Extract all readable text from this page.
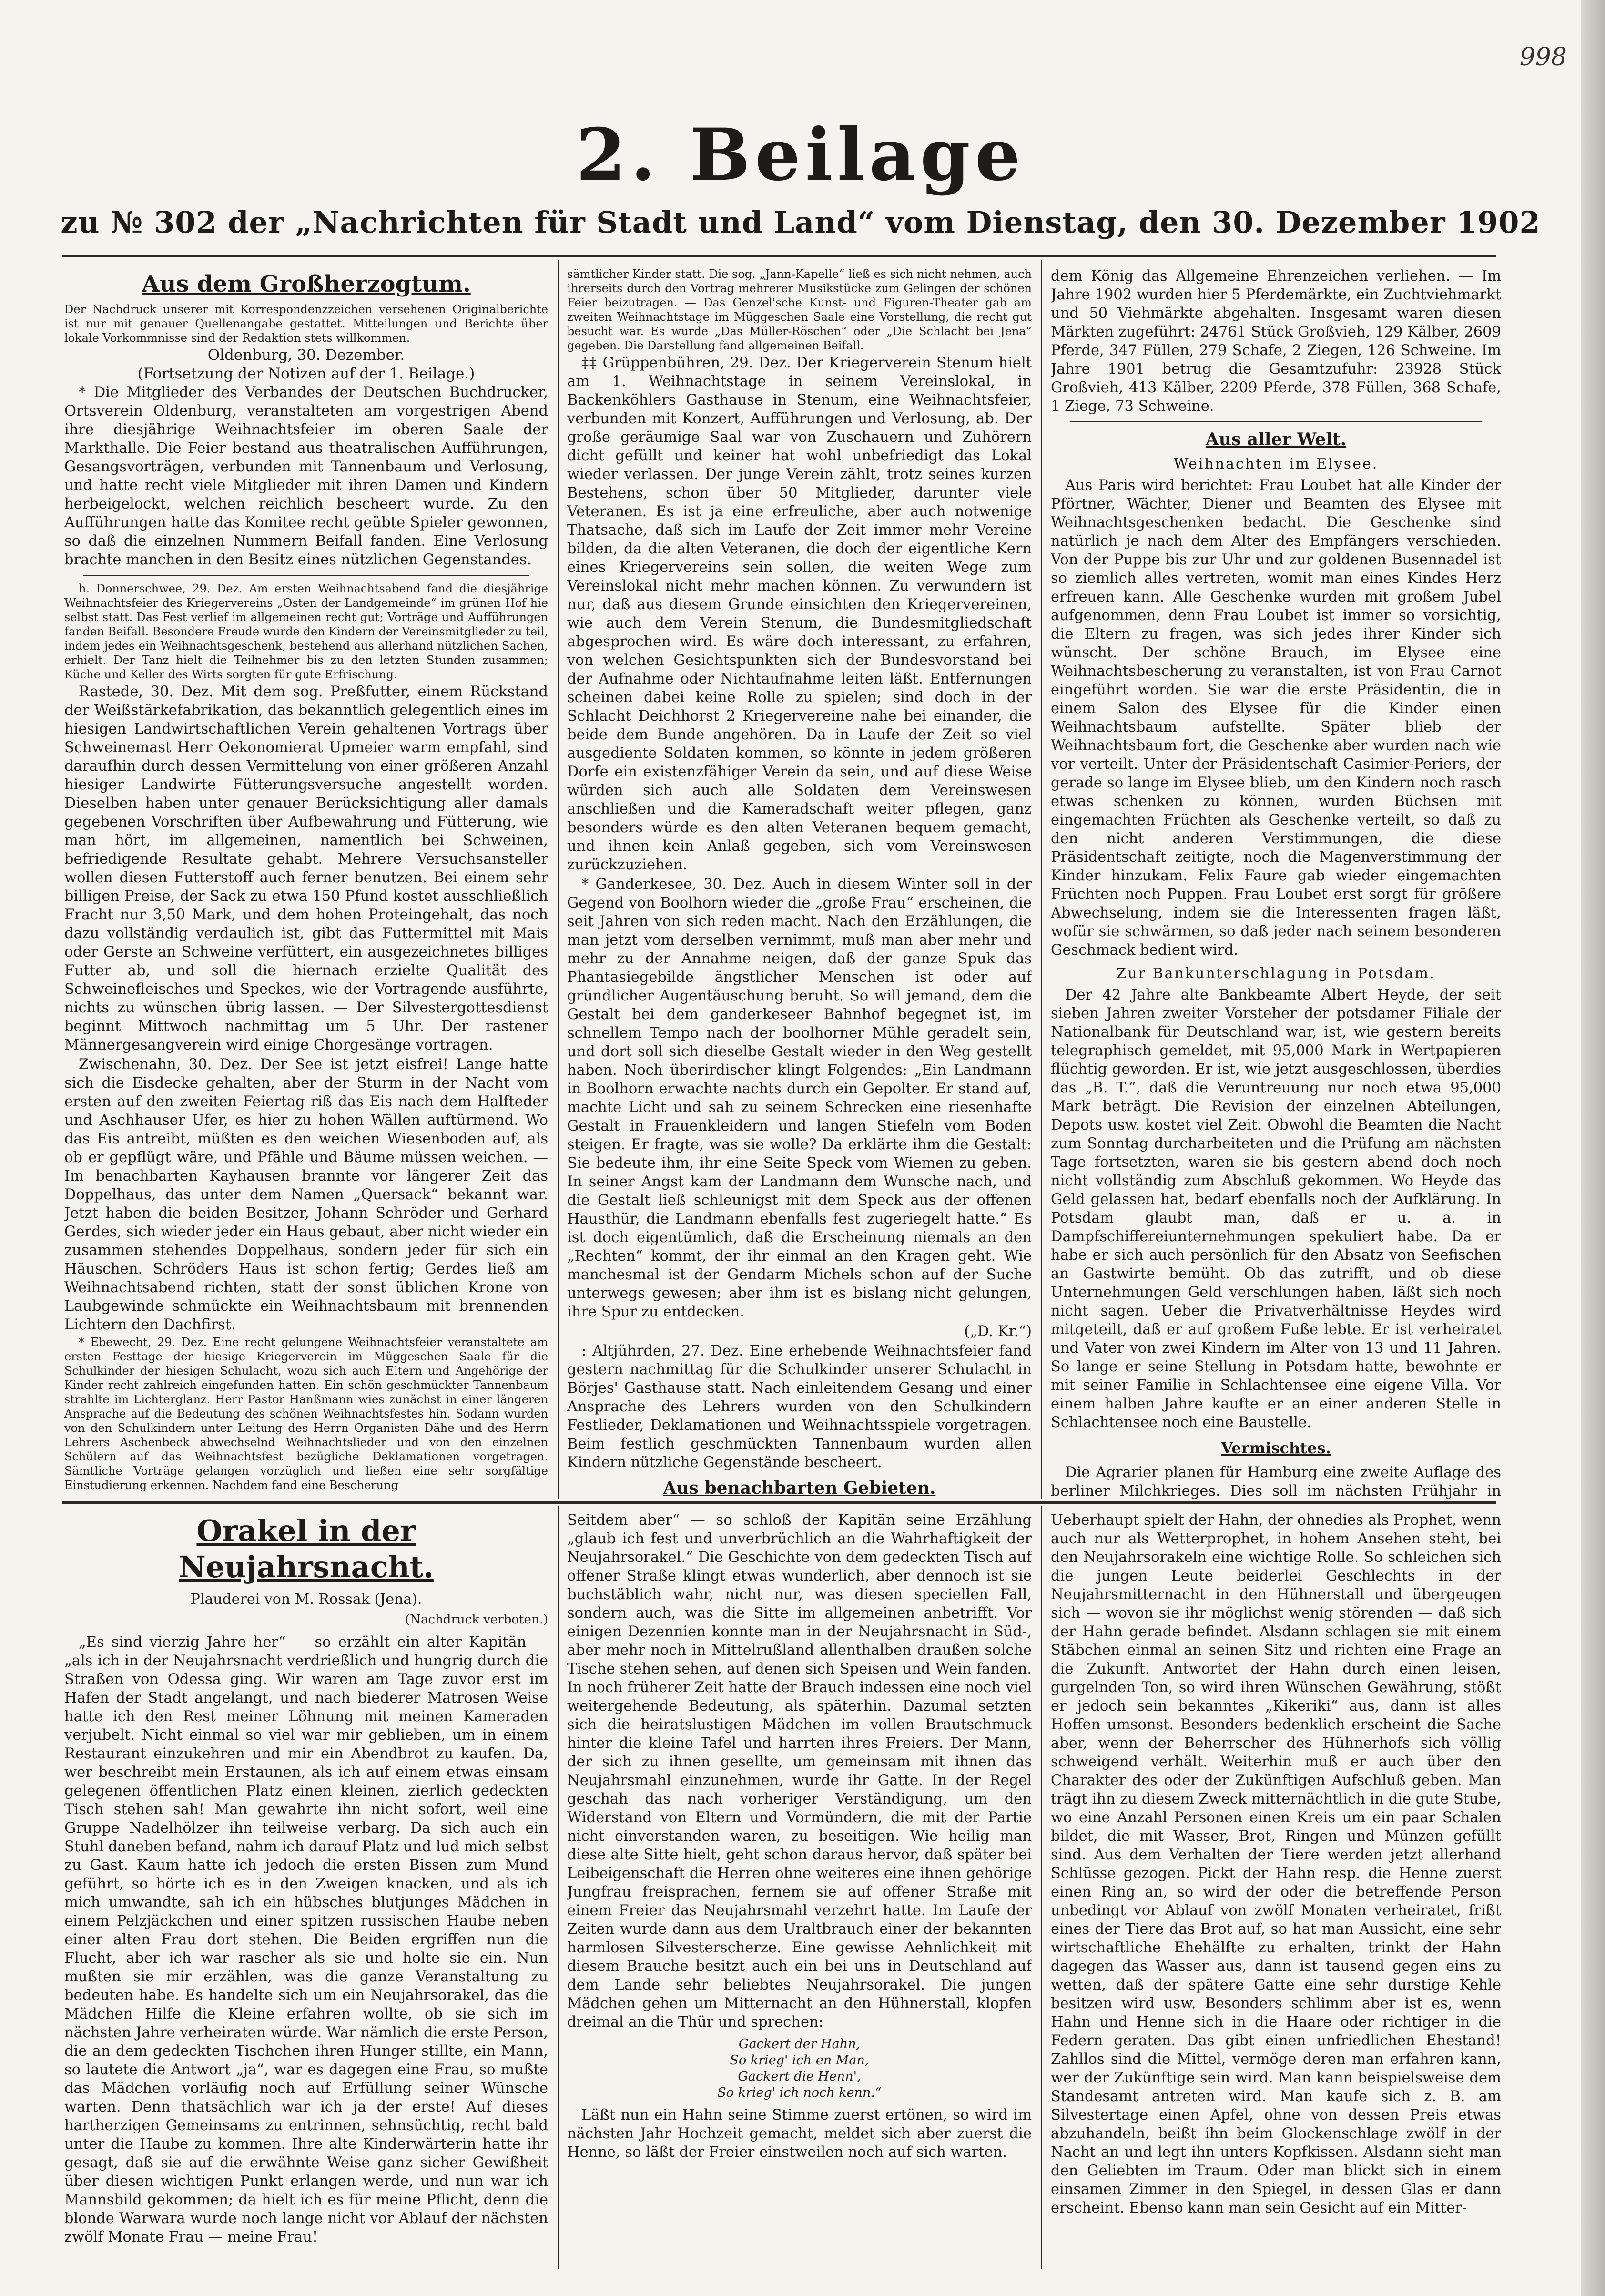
998
2. Beilage
zu № 302 der „Nachrichten für Stadt und Land“ vom Dienstag, den 30. Dezember 1902
Aus dem Großherzogtum.

Der Nachdruck unserer mit Korrespondenzzeichen versehenen Originalberichte ist nur mit genauer Quellenangabe gestattet. Mitteilungen und Berichte über lokale Vorkommnisse sind der Redaktion stets willkommen.

Oldenburg, 30. Dezember.
(Fortsetzung der Notizen auf der 1. Beilage.)

* Die Mitglieder des Verbandes der Deutschen Buchdrucker, Ortsverein Oldenburg, veranstalteten am vorgestrigen Abend ihre diesjährige Weihnachtsfeier im oberen Saale der Markthalle. Die Feier bestand aus theatralischen Aufführungen, Gesangsvorträgen, verbunden mit Tannenbaum und Verlosung, und hatte recht viele Mitglieder mit ihren Damen und Kindern herbeigelockt, welchen reichlich bescheert wurde. Zu den Aufführungen hatte das Komitee recht geübte Spieler gewonnen, so daß die einzelnen Nummern Beifall fanden. Eine Verlosung brachte manchen in den Besitz eines nützlichen Gegenstandes.

h. Donnerschwee, 29. Dez. Am ersten Weihnachtsabend fand die diesjährige Weihnachtsfeier des Kriegervereins „Osten der Landgemeinde“ im grünen Hof hie selbst statt. Das Fest verlief im allgemeinen recht gut; Vorträge und Aufführungen fanden Beifall. Besondere Freude wurde den Kindern der Vereinsmitglieder zu teil, indem jedes ein Weihnachtsgeschenk, bestehend aus allerhand nützlichen Sachen, erhielt. Der Tanz hielt die Teilnehmer bis zu den letzten Stunden zusammen; Küche und Keller des Wirts sorgten für gute Erfrischung.

Rastede, 30. Dez. Mit dem sog. Preßfutter, einem Rückstand der Weißstärkefabrikation, das bekanntlich gelegentlich eines im hiesigen Landwirtschaftlichen Verein gehaltenen Vortrags über Schweinemast Herr Oekonomierat Upmeier warm empfahl, sind daraufhin durch dessen Vermittelung von einer größeren Anzahl hiesiger Landwirte Fütterungsversuche angestellt worden. Dieselben haben unter genauer Berücksichtigung aller damals gegebenen Vorschriften über Aufbewahrung und Fütterung, wie man hört, im allgemeinen, namentlich bei Schweinen, befriedigende Resultate gehabt. Mehrere Versuchsansteller wollen diesen Futterstoff auch ferner benutzen. Bei einem sehr billigen Preise, der Sack zu etwa 150 Pfund kostet ausschließlich Fracht nur 3,50 Mark, und dem hohen Proteingehalt, das noch dazu vollständig verdaulich ist, gibt das Futtermittel mit Mais oder Gerste an Schweine verfüttert, ein ausgezeichnetes billiges Futter ab, und soll die hiernach erzielte Qualität des Schweinefleisches und Speckes, wie der Vortragende ausführte, nichts zu wünschen übrig lassen. — Der Silvestergottesdienst beginnt Mittwoch nachmittag um 5 Uhr. Der rastener Männergesangverein wird einige Chorgesänge vortragen.

Zwischenahn, 30. Dez. Der See ist jetzt eisfrei! Lange hatte sich die Eisdecke gehalten, aber der Sturm in der Nacht vom ersten auf den zweiten Feiertag riß das Eis nach dem Halfteder und Aschhauser Ufer, es hier zu hohen Wällen auftürmend. Wo das Eis antreibt, müßten es den weichen Wiesenboden auf, als ob er gepflügt wäre, und Pfähle und Bäume müssen weichen. — Im benachbarten Kayhausen brannte vor längerer Zeit das Doppelhaus, das unter dem Namen „Quersack“ bekannt war. Jetzt haben die beiden Besitzer, Johann Schröder und Gerhard Gerdes, sich wieder jeder ein Haus gebaut, aber nicht wieder ein zusammen stehendes Doppelhaus, sondern jeder für sich ein Häuschen. Schröders Haus ist schon fertig; Gerdes ließ am Weihnachtsabend richten, statt der sonst üblichen Krone von Laubgewinde schmückte ein Weihnachtsbaum mit brennenden Lichtern den Dachfirst.

* Ebewecht, 29. Dez. Eine recht gelungene Weihnachtsfeier veranstaltete am ersten Festtage der hiesige Kriegerverein im Müggeschen Saale für die Schulkinder der hiesigen Schulacht, wozu sich auch Eltern und Angehörige der Kinder recht zahlreich eingefunden hatten. Ein schön geschmückter Tannenbaum strahlte im Lichterglanz. Herr Pastor Hanßmann wies zunächst in einer längeren Ansprache auf die Bedeutung des schönen Weihnachtsfestes hin. Sodann wurden von den Schulkindern unter Leitung des Herrn Organisten Dähe und des Herrn Lehrers Aschenbeck abwechselnd Weihnachtslieder und von den einzelnen Schülern auf das Weihnachtsfest bezügliche Deklamationen vorgetragen. Sämtliche Vorträge gelangen vorzüglich und ließen eine sehr sorgfältige Einstudierung erkennen. Nachdem fand eine Bescherung

sämtlicher Kinder statt. Die sog. „Jann-Kapelle“ ließ es sich nicht nehmen, auch ihrerseits durch den Vortrag mehrerer Musikstücke zum Gelingen der schönen Feier beizutragen. — Das Genzel'sche Kunst- und Figuren-Theater gab am zweiten Weihnachtstage im Müggeschen Saale eine Vorstellung, die recht gut besucht war. Es wurde „Das Müller-Röschen“ oder „Die Schlacht bei Jena“ gegeben. Die Darstellung fand allgemeinen Beifall.

‡‡ Grüppenbühren, 29. Dez. Der Kriegerverein Stenum hielt am 1. Weihnachtstage in seinem Vereinslokal, in Backenköhlers Gasthause in Stenum, eine Weihnachtsfeier, verbunden mit Konzert, Aufführungen und Verlosung, ab. Der große geräumige Saal war von Zuschauern und Zuhörern dicht gefüllt und keiner hat wohl unbefriedigt das Lokal wieder verlassen. Der junge Verein zählt, trotz seines kurzen Bestehens, schon über 50 Mitglieder, darunter viele Veteranen. Es ist ja eine erfreuliche, aber auch notwenige Thatsache, daß sich im Laufe der Zeit immer mehr Vereine bilden, da die alten Veteranen, die doch der eigentliche Kern eines Kriegervereins sein sollen, die weiten Wege zum Vereinslokal nicht mehr machen können. Zu verwundern ist nur, daß aus diesem Grunde einsichten den Kriegervereinen, wie auch dem Verein Stenum, die Bundesmitgliedschaft abgesprochen wird. Es wäre doch interessant, zu erfahren, von welchen Gesichtspunkten sich der Bundesvorstand bei der Aufnahme oder Nichtaufnahme leiten läßt. Entfernungen scheinen dabei keine Rolle zu spielen; sind doch in der Schlacht Deichhorst 2 Kriegervereine nahe bei einander, die beide dem Bunde angehören. Da in Laufe der Zeit so viel ausgediente Soldaten kommen, so könnte in jedem größeren Dorfe ein existenzfähiger Verein da sein, und auf diese Weise würden sich auch alle Soldaten dem Vereinswesen anschließen und die Kameradschaft weiter pflegen, ganz besonders würde es den alten Veteranen bequem gemacht, und ihnen kein Anlaß gegeben, sich vom Vereinswesen zurückzuziehen.

* Ganderkesee, 30. Dez. Auch in diesem Winter soll in der Gegend von Boolhorn wieder die „große Frau“ erscheinen, die seit Jahren von sich reden macht. Nach den Erzählungen, die man jetzt vom derselben vernimmt, muß man aber mehr und mehr zu der Annahme neigen, daß der ganze Spuk das Phantasiegebilde ängstlicher Menschen ist oder auf gründlicher Augentäuschung beruht. So will jemand, dem die Gestalt bei dem ganderkeseer Bahnhof begegnet ist, im schnellem Tempo nach der boolhorner Mühle geradelt sein, und dort soll sich dieselbe Gestalt wieder in den Weg gestellt haben. Noch überirdischer klingt Folgendes: „Ein Landmann in Boolhorn erwachte nachts durch ein Gepolter. Er stand auf, machte Licht und sah zu seinem Schrecken eine riesenhafte Gestalt in Frauenkleidern und langen Stiefeln vom Boden steigen. Er fragte, was sie wolle? Da erklärte ihm die Gestalt: Sie bedeute ihm, ihr eine Seite Speck vom Wiemen zu geben. In seiner Angst kam der Landmann dem Wunsche nach, und die Gestalt ließ schleunigst mit dem Speck aus der offenen Hausthür, die Landmann ebenfalls fest zugeriegelt hatte.“ Es ist doch eigentümlich, daß die Erscheinung niemals an den „Rechten“ kommt, der ihr einmal an den Kragen geht. Wie manchesmal ist der Gendarm Michels schon auf der Suche unterwegs gewesen; aber ihm ist es bislang nicht gelungen, ihre Spur zu entdecken.

(„D. Kr.“)

: Altjührden, 27. Dez. Eine erhebende Weihnachtsfeier fand gestern nachmittag für die Schulkinder unserer Schulacht in Börjes' Gasthause statt. Nach einleitendem Gesang und einer Ansprache des Lehrers wurden von den Schulkindern Festlieder, Deklamationen und Weihnachtsspiele vorgetragen. Beim festlich geschmückten Tannenbaum wurden allen Kindern nützliche Gegenstände bescheert.

Aus benachbarten Gebieten.

dem König das Allgemeine Ehrenzeichen verliehen. — Im Jahre 1902 wurden hier 5 Pferdemärkte, ein Zuchtviehmarkt und 50 Viehmärkte abgehalten. Insgesamt waren diesen Märkten zugeführt: 24761 Stück Großvieh, 129 Kälber, 2609 Pferde, 347 Füllen, 279 Schafe, 2 Ziegen, 126 Schweine. Im Jahre 1901 betrug die Gesamtzufuhr: 23928 Stück Großvieh, 413 Kälber, 2209 Pferde, 378 Füllen, 368 Schafe, 1 Ziege, 73 Schweine.

Aus aller Welt.
Weihnachten im Elysee.

Aus Paris wird berichtet: Frau Loubet hat alle Kinder der Pförtner, Wächter, Diener und Beamten des Elysee mit Weihnachtsgeschenken bedacht. Die Geschenke sind natürlich je nach dem Alter des Empfängers verschieden. Von der Puppe bis zur Uhr und zur goldenen Busennadel ist so ziemlich alles vertreten, womit man eines Kindes Herz erfreuen kann. Alle Geschenke wurden mit großem Jubel aufgenommen, denn Frau Loubet ist immer so vorsichtig, die Eltern zu fragen, was sich jedes ihrer Kinder sich wünscht. Der schöne Brauch, im Elysee eine Weihnachtsbescherung zu veranstalten, ist von Frau Carnot eingeführt worden. Sie war die erste Präsidentin, die in einem Salon des Elysee für die Kinder einen Weihnachtsbaum aufstellte. Später blieb der Weihnachtsbaum fort, die Geschenke aber wurden nach wie vor verteilt. Unter der Präsidentschaft Casimier-Periers, der gerade so lange im Elysee blieb, um den Kindern noch rasch etwas schenken zu können, wurden Büchsen mit eingemachten Früchten als Geschenke verteilt, so daß zu den nicht anderen Verstimmungen, die diese Präsidentschaft zeitigte, noch die Magenverstimmung der Kinder hinzukam. Felix Faure gab wieder eingemachten Früchten noch Puppen. Frau Loubet erst sorgt für größere Abwechselung, indem sie die Interessenten fragen läßt, wofür sie schwärmen, so daß jeder nach seinem besonderen Geschmack bedient wird.

Zur Bankunterschlagung in Potsdam.

Der 42 Jahre alte Bankbeamte Albert Heyde, der seit sieben Jahren zweiter Vorsteher der potsdamer Filiale der Nationalbank für Deutschland war, ist, wie gestern bereits telegraphisch gemeldet, mit 95,000 Mark in Wertpapieren flüchtig geworden. Er ist, wie jetzt ausgeschlossen, überdies das „B. T.“, daß die Veruntreuung nur noch etwa 95,000 Mark beträgt. Die Revision der einzelnen Abteilungen, Depots usw. kostet viel Zeit. Obwohl die Beamten die Nacht zum Sonntag durcharbeiteten und die Prüfung am nächsten Tage fortsetzten, waren sie bis gestern abend doch noch nicht vollständig zum Abschluß gekommen. Wo Heyde das Geld gelassen hat, bedarf ebenfalls noch der Aufklärung. In Potsdam glaubt man, daß er u. a. in Dampfschiffereiunternehmungen spekuliert habe. Da er habe er sich auch persönlich für den Absatz von Seefischen an Gastwirte bemüht. Ob das zutrifft, und ob diese Unternehmungen Geld verschlungen haben, läßt sich noch nicht sagen. Ueber die Privatverhältnisse Heydes wird mitgeteilt, daß er auf großem Fuße lebte. Er ist verheiratet und Vater von zwei Kindern im Alter von 13 und 11 Jahren. So lange er seine Stellung in Potsdam hatte, bewohnte er mit seiner Familie in Schlachtensee eine eigene Villa. Vor einem halben Jahre kaufte er an einer anderen Stelle in Schlachtensee noch eine Baustelle.

Vermischtes.

Die Agrarier planen für Hamburg eine zweite Auflage des berliner Milchkrieges. Dies soll im nächsten Frühjahr in

Orakel in der Neujahrsnacht.
Plauderei von M. Rossak (Jena).
(Nachdruck verboten.)

„Es sind vierzig Jahre her“ — so erzählt ein alter Kapitän — „als ich in der Neujahrsnacht verdrießlich und hungrig durch die Straßen von Odessa ging. Wir waren am Tage zuvor erst im Hafen der Stadt angelangt, und nach biederer Matrosen Weise hatte ich den Rest meiner Löhnung mit meinen Kameraden verjubelt. Nicht einmal so viel war mir geblieben, um in einem Restaurant einzukehren und mir ein Abendbrot zu kaufen. Da, wer beschreibt mein Erstaunen, als ich auf einem etwas einsam gelegenen öffentlichen Platz einen kleinen, zierlich gedeckten Tisch stehen sah! Man gewahrte ihn nicht sofort, weil eine Gruppe Nadelhölzer ihn teilweise verbarg. Da sich auch ein Stuhl daneben befand, nahm ich darauf Platz und lud mich selbst zu Gast. Kaum hatte ich jedoch die ersten Bissen zum Mund geführt, so hörte ich es in den Zweigen knacken, und als ich mich umwandte, sah ich ein hübsches blutjunges Mädchen in einem Pelzjäckchen und einer spitzen russischen Haube neben einer alten Frau dort stehen. Die Beiden ergriffen nun die Flucht, aber ich war rascher als sie und holte sie ein. Nun mußten sie mir erzählen, was die ganze Veranstaltung zu bedeuten habe. Es handelte sich um ein Neujahrsorakel, das die Mädchen Hilfe die Kleine erfahren wollte, ob sie sich im nächsten Jahre verheiraten würde. War nämlich die erste Person, die an dem gedeckten Tischchen ihren Hunger stillte, ein Mann, so lautete die Antwort „ja“, war es dagegen eine Frau, so mußte das Mädchen vorläufig noch auf Erfüllung seiner Wünsche warten. Denn thatsächlich war ich ja der erste! Auf dieses hartherzigen Gemeinsams zu entrinnen, sehnsüchtig, recht bald unter die Haube zu kommen. Ihre alte Kinderwärterin hatte ihr gesagt, daß sie auf die erwähnte Weise ganz sicher Gewißheit über diesen wichtigen Punkt erlangen werde, und nun war ich Mannsbild gekommen; da hielt ich es für meine Pflicht, denn die blonde Warwara wurde noch lange nicht vor Ablauf der nächsten zwölf Monate Frau — meine Frau!

Seitdem aber“ — so schloß der Kapitän seine Erzählung „glaub ich fest und unverbrüchlich an die Wahrhaftigkeit der Neujahrsorakel.“ Die Geschichte von dem gedeckten Tisch auf offener Straße klingt etwas wunderlich, aber dennoch ist sie buchstäblich wahr, nicht nur, was diesen speciellen Fall, sondern auch, was die Sitte im allgemeinen anbetrifft. Vor einigen Dezennien konnte man in der Neujahrsnacht in Süd-, aber mehr noch in Mittelrußland allenthalben draußen solche Tische stehen sehen, auf denen sich Speisen und Wein fanden. In noch früherer Zeit hatte der Brauch indessen eine noch viel weitergehende Bedeutung, als späterhin. Dazumal setzten sich die heiratslustigen Mädchen im vollen Brautschmuck hinter die kleine Tafel und harrten ihres Freiers. Der Mann, der sich zu ihnen gesellte, um gemeinsam mit ihnen das Neujahrsmahl einzunehmen, wurde ihr Gatte. In der Regel geschah das nach vorheriger Verständigung, um den Widerstand von Eltern und Vormündern, die mit der Partie nicht einverstanden waren, zu beseitigen. Wie heilig man diese alte Sitte hielt, geht schon daraus hervor, daß später bei Leibeigenschaft die Herren ohne weiteres eine ihnen gehörige Jungfrau freisprachen, fernem sie auf offener Straße mit einem Freier das Neujahrsmahl verzehrt hatte. Im Laufe der Zeiten wurde dann aus dem Uraltbrauch einer der bekannten harmlosen Silvesterscherze. Eine gewisse Aehnlichkeit mit diesem Brauche besitzt auch ein bei uns in Deutschland auf dem Lande sehr beliebtes Neujahrsorakel. Die jungen Mädchen gehen um Mitternacht an den Hühnerstall, klopfen dreimal an die Thür und sprechen:

Gackert der Hahn,
So krieg' ich en Man,
Gackert die Henn',
So krieg' ich noch kenn.“

Läßt nun ein Hahn seine Stimme zuerst ertönen, so wird im nächsten Jahr Hochzeit gemacht, meldet sich aber zuerst die Henne, so läßt der Freier einstweilen noch auf sich warten.

Ueberhaupt spielt der Hahn, der ohnedies als Prophet, wenn auch nur als Wetterprophet, in hohem Ansehen steht, bei den Neujahrsorakeln eine wichtige Rolle. So schleichen sich die jungen Leute beiderlei Geschlechts in der Neujahrsmitternacht in den Hühnerstall und übergeugen sich — wovon sie ihr möglichst wenig störenden — daß sich der Hahn gerade befindet. Alsdann schlagen sie mit einem Stäbchen einmal an seinen Sitz und richten eine Frage an die Zukunft. Antwortet der Hahn durch einen leisen, gurgelnden Ton, so wird ihren Wünschen Gewährung, stößt er jedoch sein bekanntes „Kikeriki“ aus, dann ist alles Hoffen umsonst. Besonders bedenklich erscheint die Sache aber, wenn der Beherrscher des Hühnerhofs sich völlig schweigend verhält. Weiterhin muß er auch über den Charakter des oder der Zukünftigen Aufschluß geben. Man trägt ihn zu diesem Zweck mitternächtlich in die gute Stube, wo eine Anzahl Personen einen Kreis um ein paar Schalen bildet, die mit Wasser, Brot, Ringen und Münzen gefüllt sind. Aus dem Verhalten der Tiere werden jetzt allerhand Schlüsse gezogen. Pickt der Hahn resp. die Henne zuerst einen Ring an, so wird der oder die betreffende Person unbedingt vor Ablauf von zwölf Monaten verheiratet, frißt eines der Tiere das Brot auf, so hat man Aussicht, eine sehr wirtschaftliche Ehehälfte zu erhalten, trinkt der Hahn dagegen das Wasser aus, dann ist tausend gegen eins zu wetten, daß der spätere Gatte eine sehr durstige Kehle besitzen wird usw. Besonders schlimm aber ist es, wenn Hahn und Henne sich in die Haare oder richtiger in die Federn geraten. Das gibt einen unfriedlichen Ehestand! Zahllos sind die Mittel, vermöge deren man erfahren kann, wer der Zukünftige sein wird. Man kann beispielsweise dem Standesamt antreten wird. Man kaufe sich z. B. am Silvestertage einen Apfel, ohne von dessen Preis etwas abzuhandeln, beißt ihn beim Glockenschlage zwölf in der Nacht an und legt ihn unters Kopfkissen. Alsdann sieht man den Geliebten im Traum. Oder man blickt sich in einem einsamen Zimmer in den Spiegel, in dessen Glas er dann erscheint. Ebenso kann man sein Gesicht auf ein Mitter-
